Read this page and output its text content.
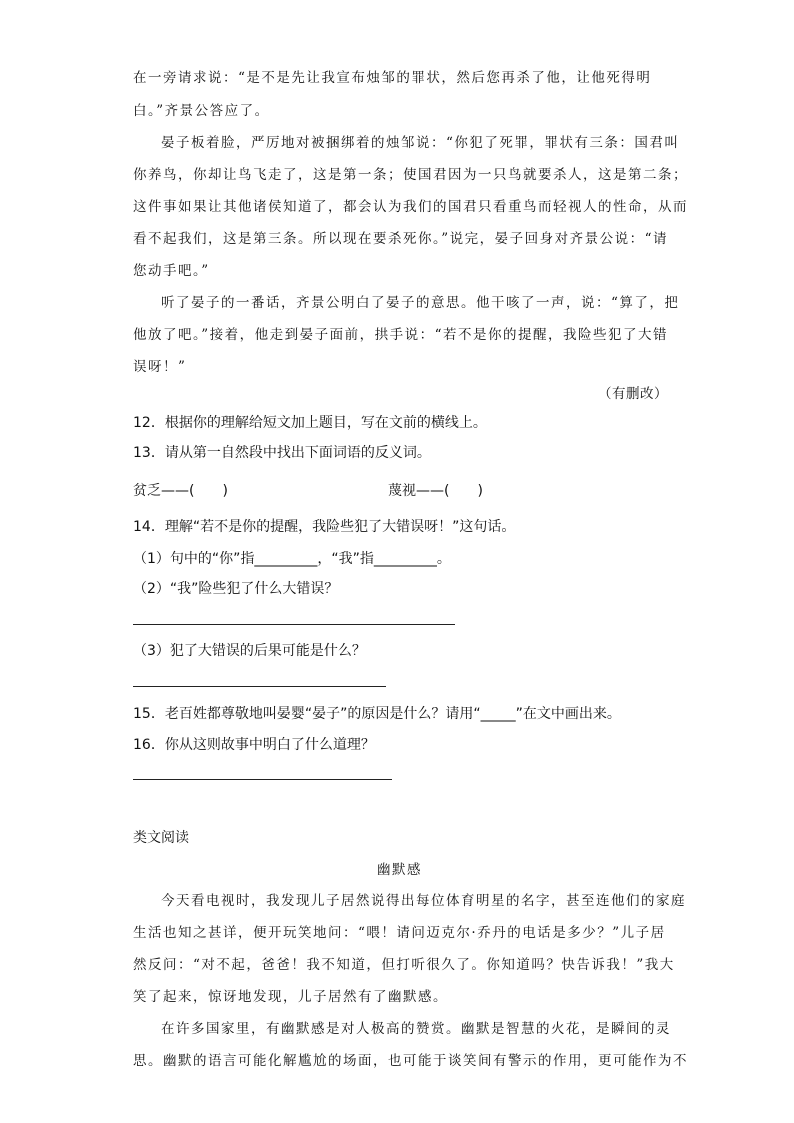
在一旁请求说：“是不是先让我宣布烛邹的罪状，然后您再杀了他，让他死得明
白。”齐景公答应了。
晏子板着脸，严厉地对被捆绑着的烛邹说：“你犯了死罪，罪状有三条：国君叫
你养鸟，你却让鸟飞走了，这是第一条；使国君因为一只鸟就要杀人，这是第二条；
这件事如果让其他诸侯知道了，都会认为我们的国君只看重鸟而轻视人的性命，从而
看不起我们，这是第三条。所以现在要杀死你。”说完，晏子回身对齐景公说：“请
您动手吧。”
听了晏子的一番话，齐景公明白了晏子的意思。他干咳了一声，说：“算了，把
他放了吧。”接着，他走到晏子面前，拱手说：“若不是你的提醒，我险些犯了大错
误呀！”
（有删改）
12．根据你的理解给短文加上题目，写在文前的横线上。
13．请从第一自然段中找出下面词语的反义词。
贫乏——(　　)	蔑视——(　　)
14．理解“若不是你的提醒，我险些犯了大错误呀！”这句话。
（1）句中的“你”指_________，“我”指_________。
（2）“我”险些犯了什么大错误？
（3）犯了大错误的后果可能是什么？
15．老百姓都尊敬地叫晏婴“晏子”的原因是什么？请用“_____”在文中画出来。
16．你从这则故事中明白了什么道理？
类文阅读
幽默感
今天看电视时，我发现儿子居然说得出每位体育明星的名字，甚至连他们的家庭
生活也知之甚详，便开玩笑地问：“喂！请问迈克尔·乔丹的电话是多少？”儿子居
然反问：“对不起，爸爸！我不知道，但打听很久了。你知道吗？快告诉我！”我大
笑了起来，惊讶地发现，儿子居然有了幽默感。
在许多国家里，有幽默感是对人极高的赞赏。幽默是智慧的火花，是瞬间的灵
思。幽默的语言可能化解尴尬的场面，也可能于谈笑间有警示的作用，更可能作为不
